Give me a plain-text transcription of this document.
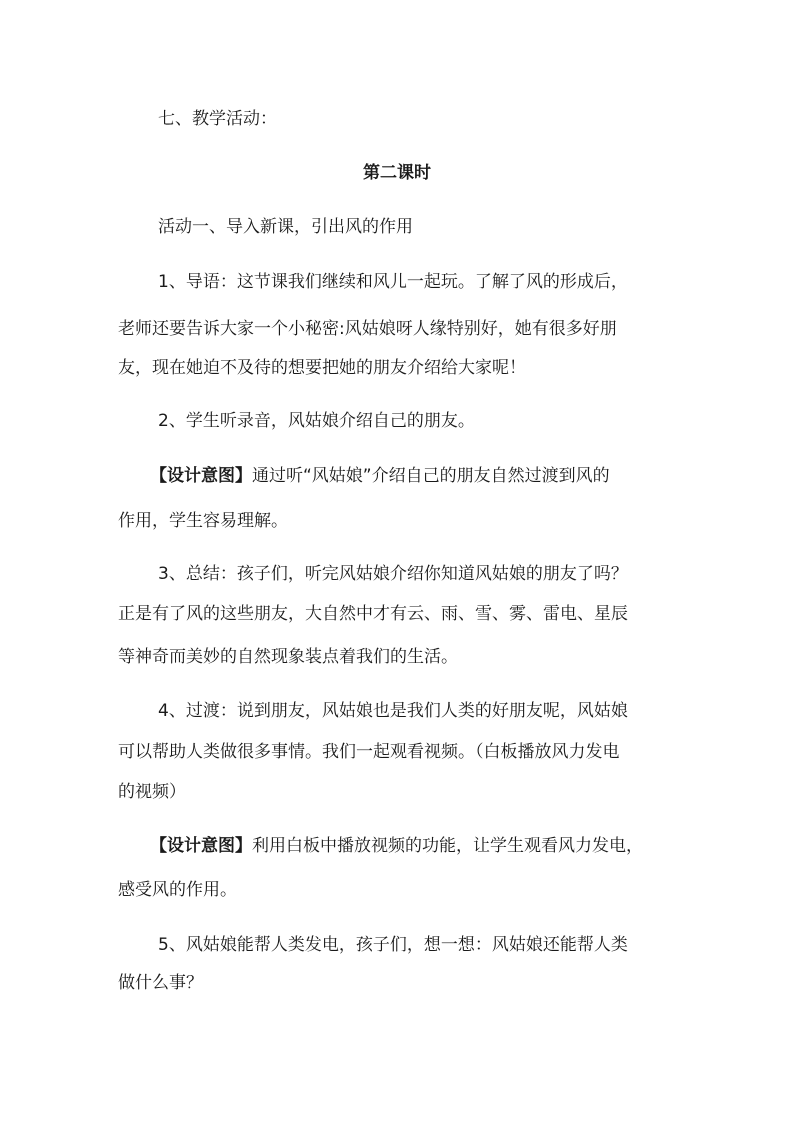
七、教学活动：
第二课时
活动一、导入新课，引出风的作用
1、导语：这节课我们继续和风儿一起玩。了解了风的形成后，
老师还要告诉大家一个小秘密:风姑娘呀人缘特别好，她有很多好朋
友，现在她迫不及待的想要把她的朋友介绍给大家呢！
2、学生听录音，风姑娘介绍自己的朋友。
【设计意图】通过听“风姑娘”介绍自己的朋友自然过渡到风的
作用，学生容易理解。
3、总结：孩子们，听完风姑娘介绍你知道风姑娘的朋友了吗？
正是有了风的这些朋友，大自然中才有云、雨、雪、雾、雷电、星辰
等神奇而美妙的自然现象装点着我们的生活。
4、过渡：说到朋友，风姑娘也是我们人类的好朋友呢，风姑娘
可以帮助人类做很多事情。我们一起观看视频。（白板播放风力发电
的视频）
【设计意图】利用白板中播放视频的功能，让学生观看风力发电，
感受风的作用。
5、风姑娘能帮人类发电，孩子们，想一想：风姑娘还能帮人类
做什么事？
